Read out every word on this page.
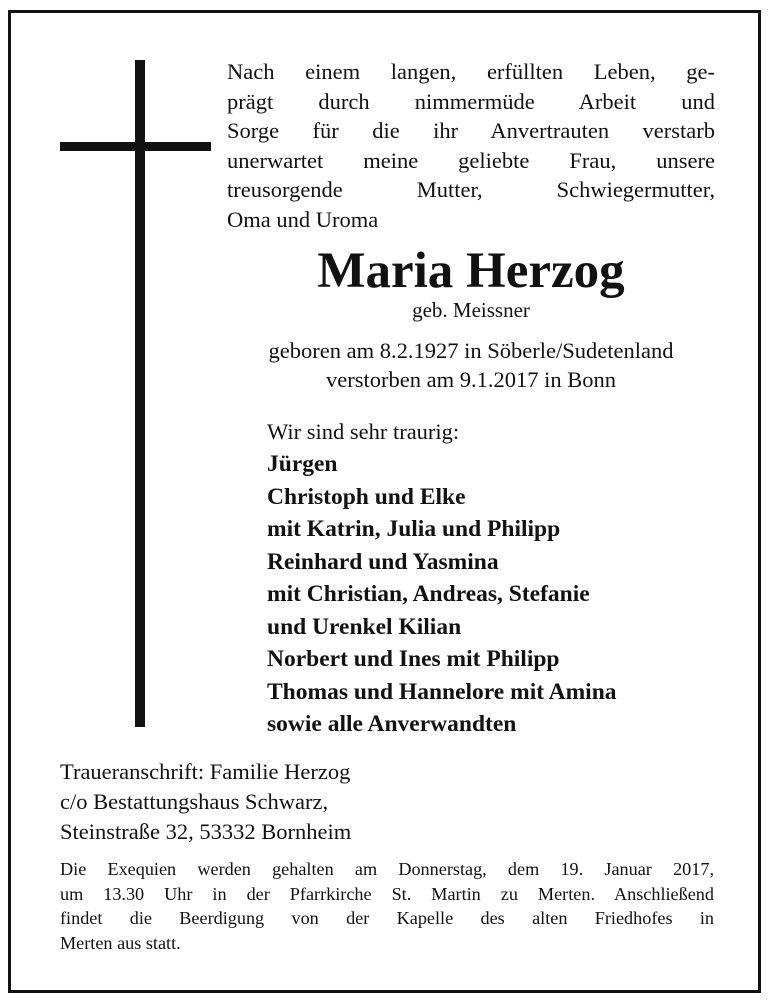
Nach einem langen, erfüllten Leben, ge-
prägt durch nimmermüde Arbeit und
Sorge für die ihr Anvertrauten verstarb
unerwartet meine geliebte Frau, unsere
treusorgende Mutter, Schwiegermutter,
Oma und Uroma
Maria Herzog
geb. Meissner
geboren am 8.2.1927 in Söberle/Sudetenland
verstorben am 9.1.2017 in Bonn
Wir sind sehr traurig:
Jürgen
Christoph und Elke
mit Katrin, Julia und Philipp
Reinhard und Yasmina
mit Christian, Andreas, Stefanie
und Urenkel Kilian
Norbert und Ines mit Philipp
Thomas und Hannelore mit Amina
sowie alle Anverwandten
Traueranschrift: Familie Herzog
c/o Bestattungshaus Schwarz,
Steinstraße 32, 53332 Bornheim
Die Exequien werden gehalten am Donnerstag, dem 19. Januar 2017,
um 13.30 Uhr in der Pfarrkirche St. Martin zu Merten. Anschließend
findet die Beerdigung von der Kapelle des alten Friedhofes in
Merten aus statt.
